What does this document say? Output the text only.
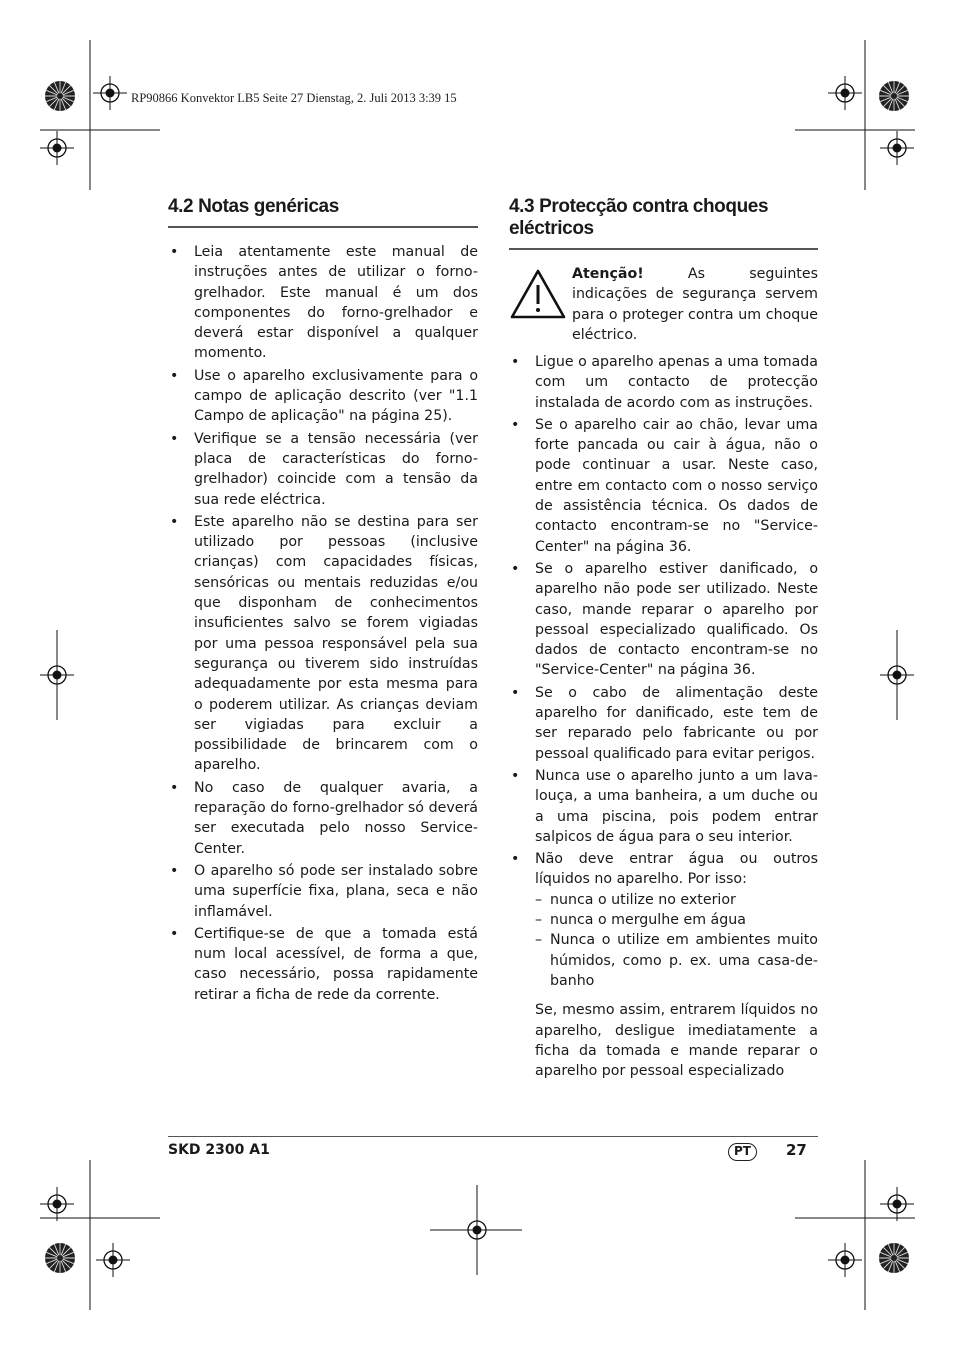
RP90866 Konvektor LB5 Seite 27 Dienstag, 2. Juli 2013 3:39 15
4.2 Notas genéricas
• Leia atentamente este manual de instruções antes de utilizar o forno-grelhador. Este manual é um dos componentes do forno-grelhador e deverá estar disponível a qualquer momento.
• Use o aparelho exclusivamente para o campo de aplicação descrito (ver "1.1 Campo de aplicação" na página 25).
• Verifique se a tensão necessária (ver placa de características do forno-grelhador) coincide com a tensão da sua rede eléctrica.
• Este aparelho não se destina para ser utilizado por pessoas (inclusive crianças) com capacidades físicas, sensóricas ou mentais reduzidas e/ou que disponham de conhecimentos insuficientes salvo se forem vigiadas por uma pessoa responsável pela sua segurança ou tiverem sido instruídas adequadamente por esta mesma para o poderem utilizar. As crianças deviam ser vigiadas para excluir a possibilidade de brincarem com o aparelho.
• No caso de qualquer avaria, a reparação do forno-grelhador só deverá ser executada pelo nosso Service-Center.
• O aparelho só pode ser instalado sobre uma superfície fixa, plana, seca e não inflamável.
• Certifique-se de que a tomada está num local acessível, de forma a que, caso necessário, possa rapidamente retirar a ficha de rede da corrente.
4.3 Protecção contra choques eléctricos
Atenção! As seguintes indicações de segurança servem para o proteger contra um choque eléctrico.
• Ligue o aparelho apenas a uma tomada com um contacto de protecção instalada de acordo com as instruções.
• Se o aparelho cair ao chão, levar uma forte pancada ou cair à água, não o pode continuar a usar. Neste caso, entre em contacto com o nosso serviço de assistência técnica. Os dados de contacto encontram-se no "Service-Center" na página 36.
• Se o aparelho estiver danificado, o aparelho não pode ser utilizado. Neste caso, mande reparar o aparelho por pessoal especializado qualificado. Os dados de contacto encontram-se no "Service-Center" na página 36.
• Se o cabo de alimentação deste aparelho for danificado, este tem de ser reparado pelo fabricante ou por pessoal qualificado para evitar perigos.
• Nunca use o aparelho junto a um lava-louça, a uma banheira, a um duche ou a uma piscina, pois podem entrar salpicos de água para o seu interior.
• Não deve entrar água ou outros líquidos no aparelho. Por isso:
– nunca o utilize no exterior
– nunca o mergulhe em água
– Nunca o utilize em ambientes muito húmidos, como p. ex. uma casa-de-banho

Se, mesmo assim, entrarem líquidos no aparelho, desligue imediatamente a ficha da tomada e mande reparar o aparelho por pessoal especializado

SKD 2300 A1	PT	27
